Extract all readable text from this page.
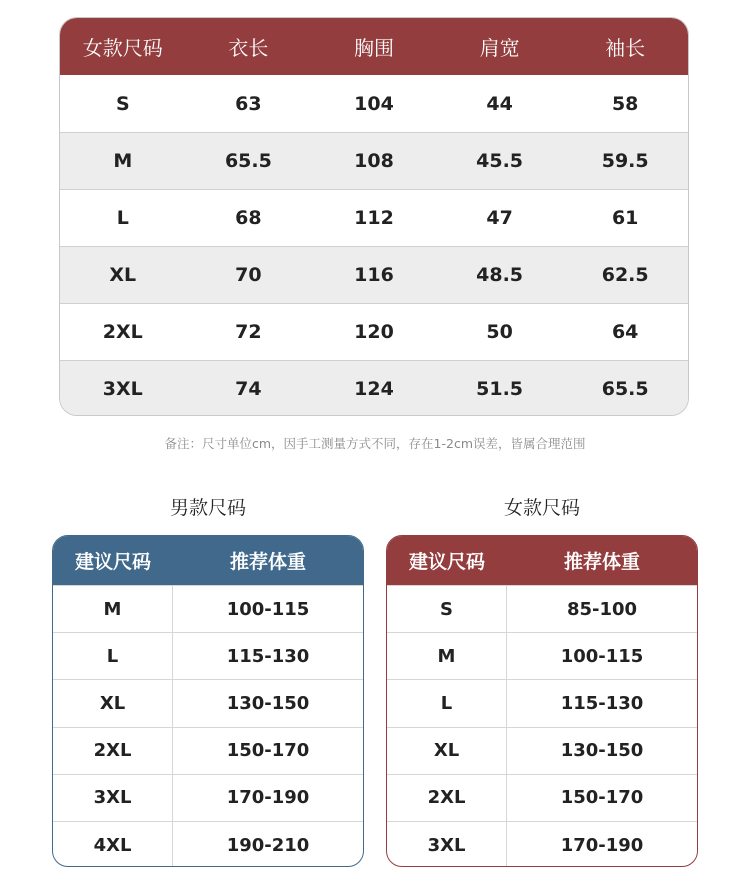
女款尺码	衣长	胸围	肩宽	袖长
S	63	104	44	58
M	65.5	108	45.5	59.5
L	68	112	47	61
XL	70	116	48.5	62.5
2XL	72	120	50	64
3XL	74	124	51.5	65.5
备注：尺寸单位cm，因手工测量方式不同，存在1-2cm误差，皆属合理范围
男款尺码	女款尺码
建议尺码	推荐体重
M	100-115
L	115-130
XL	130-150
2XL	150-170
3XL	170-190
4XL	190-210
建议尺码	推荐体重
S	85-100
M	100-115
L	115-130
XL	130-150
2XL	150-170
3XL	170-190
